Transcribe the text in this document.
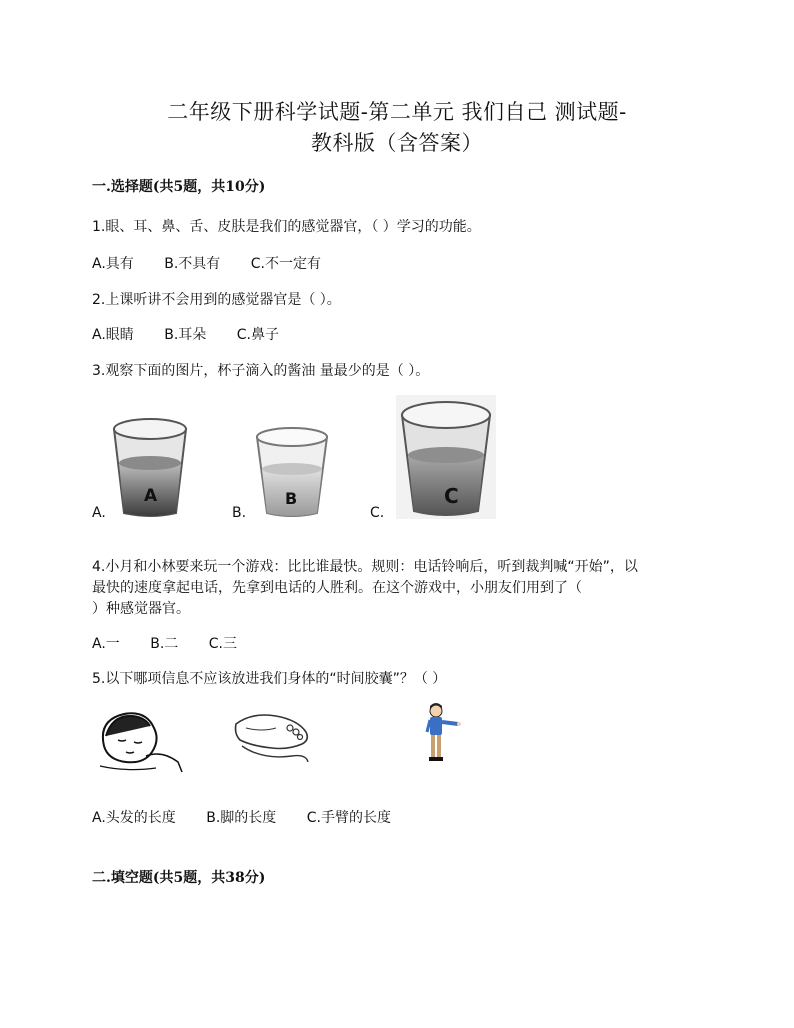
二年级下册科学试题-第二单元 我们自己 测试题-
教科版（含答案）
一.选择题(共5题，共10分)
1.眼、耳、鼻、舌、皮肤是我们的感觉器官，（ ）学习的功能。
A.具有 B.不具有 C.不一定有
2.上课听讲不会用到的感觉器官是（ ）。
A.眼睛 B.耳朵 C.鼻子
3.观察下面的图片，杯子滴入的酱油 量最少的是（ ）。
A	B	C
A.	B.	C.
4.小月和小林要来玩一个游戏：比比谁最快。规则：电话铃响后，听到裁判喊“开始”，以
最快的速度拿起电话，先拿到电话的人胜利。在这个游戏中，小朋友们用到了（
）种感觉器官。
A.一 B.二 C.三
5.以下哪项信息不应该放进我们身体的“时间胶囊”？（ ）
A.头发的长度 B.脚的长度 C.手臂的长度
二.填空题(共5题，共38分)
